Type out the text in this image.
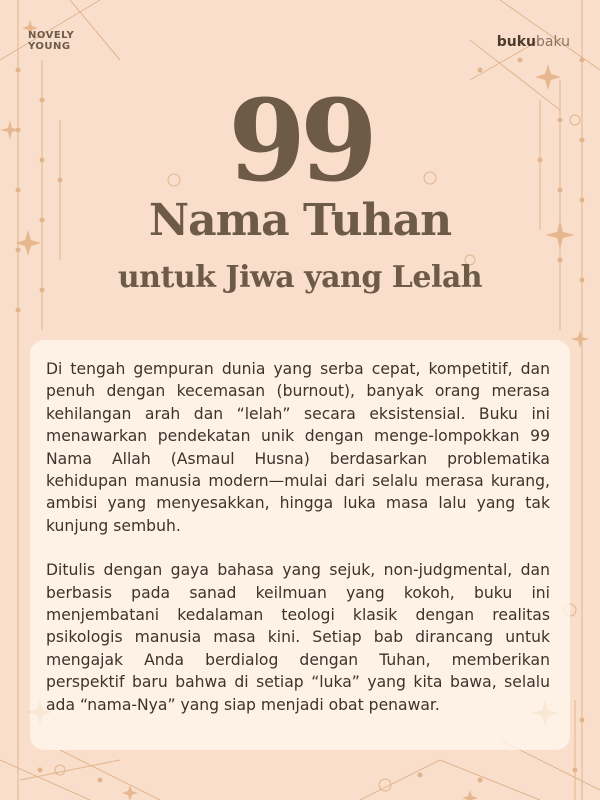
NOVELY
YOUNG	bukubaku
99
Nama Tuhan
untuk Jiwa yang Lelah

Di tengah gempuran dunia yang serba cepat, kompetitif, dan penuh dengan kecemasan (burnout), banyak orang merasa kehilangan arah dan “lelah” secara eksistensial. Buku ini menawarkan pendekatan unik dengan menge-lompokkan 99 Nama Allah (Asmaul Husna) berdasarkan problematika kehidupan manusia modern—mulai dari selalu merasa kurang, ambisi yang menyesakkan, hingga luka masa lalu yang tak kunjung sembuh.

Ditulis dengan gaya bahasa yang sejuk, non-judgmental, dan berbasis pada sanad keilmuan yang kokoh, buku ini menjembatani kedalaman teologi klasik dengan realitas psikologis manusia masa kini. Setiap bab dirancang untuk mengajak Anda berdialog dengan Tuhan, memberikan perspektif baru bahwa di setiap “luka” yang kita bawa, selalu ada “nama-Nya” yang siap menjadi obat penawar.
